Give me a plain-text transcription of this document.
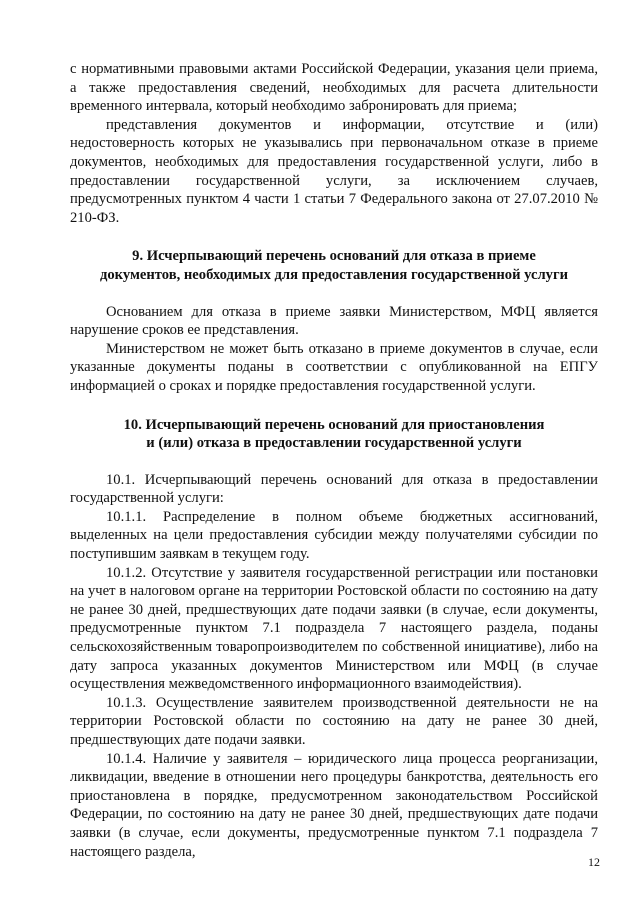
с нормативными правовыми актами Российской Федерации, указания цели приема, а также предоставления сведений, необходимых для расчета длительности временного интервала, который необходимо забронировать для приема;

представления документов и информации, отсутствие и (или) недостоверность которых не указывались при первоначальном отказе в приеме документов, необходимых для предоставления государственной услуги, либо в предоставлении государственной услуги, за исключением случаев, предусмотренных пунктом 4 части 1 статьи 7 Федерального закона от 27.07.2010 № 210-ФЗ.

9. Исчерпывающий перечень оснований для отказа в приеме

документов, необходимых для предоставления государственной услуги

Основанием для отказа в приеме заявки Министерством, МФЦ является нарушение сроков ее представления.

Министерством не может быть отказано в приеме документов в случае, если указанные документы поданы в соответствии с опубликованной на ЕПГУ информацией о сроках и порядке предоставления государственной услуги.

10. Исчерпывающий перечень оснований для приостановления

и (или) отказа в предоставлении государственной услуги

10.1. Исчерпывающий перечень оснований для отказа в предоставлении государственной услуги:

10.1.1. Распределение в полном объеме бюджетных ассигнований, выделенных на цели предоставления субсидии между получателями субсидии по поступившим заявкам в текущем году.

10.1.2. Отсутствие у заявителя государственной регистрации или постановки на учет в налоговом органе на территории Ростовской области по состоянию на дату не ранее 30 дней, предшествующих дате подачи заявки (в случае, если документы, предусмотренные пунктом 7.1 подраздела 7 настоящего раздела, поданы сельскохозяйственным товаропроизводителем по собственной инициативе), либо на дату запроса указанных документов Министерством или МФЦ (в случае осуществления межведомственного информационного взаимодействия).

10.1.3. Осуществление заявителем производственной деятельности не на территории Ростовской области по состоянию на дату не ранее 30 дней, предшествующих дате подачи заявки.

10.1.4. Наличие у заявителя – юридического лица процесса реорганизации, ликвидации, введение в отношении него процедуры банкротства, деятельность его приостановлена в порядке, предусмотренном законодательством Российской Федерации, по состоянию на дату не ранее 30 дней, предшествующих дате подачи заявки (в случае, если документы, предусмотренные пунктом 7.1 подраздела 7 настоящего раздела,

12
